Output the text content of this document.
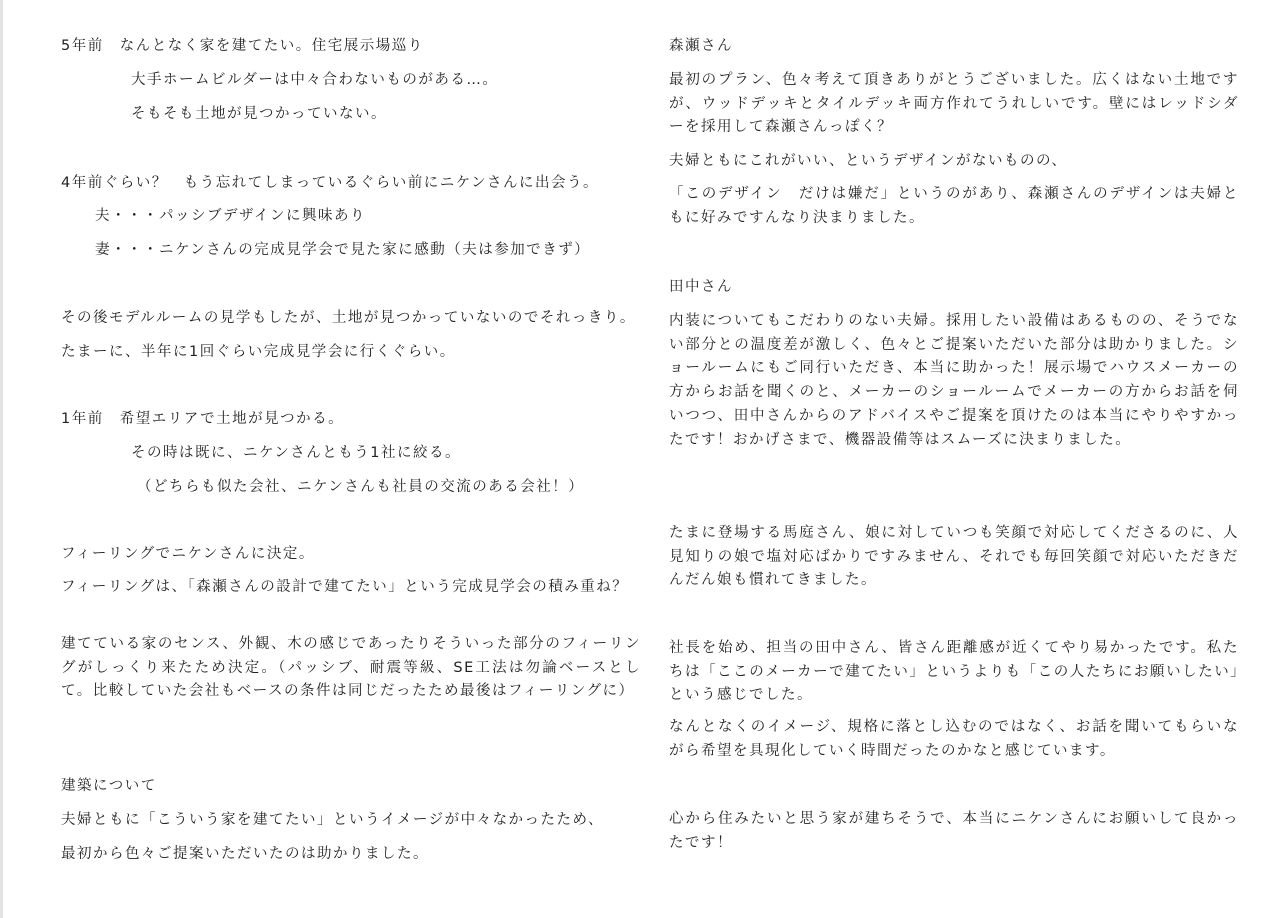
5年前　なんとなく家を建てたい。住宅展示場巡り
大手ホームビルダーは中々合わないものがある…。
そもそも土地が見つかっていない。
4年前ぐらい？　もう忘れてしまっているぐらい前にニケンさんに出会う。
夫・・・パッシブデザインに興味あり
妻・・・ニケンさんの完成見学会で見た家に感動（夫は参加できず）
その後モデルルームの見学もしたが、土地が見つかっていないのでそれっきり。
たまーに、半年に1回ぐらい完成見学会に行くぐらい。
1年前　希望エリアで土地が見つかる。
その時は既に、ニケンさんともう1社に絞る。
（どちらも似た会社、ニケンさんも社員の交流のある会社！）
フィーリングでニケンさんに決定。
フィーリングは、「森瀬さんの設計で建てたい」という完成見学会の積み重ね？
建てている家のセンス、外観、木の感じであったりそういった部分のフィーリングがしっくり来たため決定。（パッシブ、耐震等級、SE工法は勿論ベースとして。比較していた会社もベースの条件は同じだったため最後はフィーリングに）
建築について
夫婦ともに「こういう家を建てたい」というイメージが中々なかったため、
最初から色々ご提案いただいたのは助かりました。
森瀬さん
最初のプラン、色々考えて頂きありがとうございました。広くはない土地ですが、ウッドデッキとタイルデッキ両方作れてうれしいです。壁にはレッドシダーを採用して森瀬さんっぽく？
夫婦ともにこれがいい、というデザインがないものの、
「このデザイン　だけは嫌だ」というのがあり、森瀬さんのデザインは夫婦ともに好みですんなり決まりました。
田中さん
内装についてもこだわりのない夫婦。採用したい設備はあるものの、そうでない部分との温度差が激しく、色々とご提案いただいた部分は助かりました。ショールームにもご同行いただき、本当に助かった！展示場でハウスメーカーの方からお話を聞くのと、メーカーのショールームでメーカーの方からお話を伺いつつ、田中さんからのアドバイスやご提案を頂けたのは本当にやりやすかったです！おかげさまで、機器設備等はスムーズに決まりました。
たまに登場する馬庭さん、娘に対していつも笑顔で対応してくださるのに、人見知りの娘で塩対応ばかりですみません、それでも毎回笑顔で対応いただきだんだん娘も慣れてきました。
社長を始め、担当の田中さん、皆さん距離感が近くてやり易かったです。私たちは「ここのメーカーで建てたい」というよりも「この人たちにお願いしたい」という感じでした。
なんとなくのイメージ、規格に落とし込むのではなく、お話を聞いてもらいながら希望を具現化していく時間だったのかなと感じています。
心から住みたいと思う家が建ちそうで、本当にニケンさんにお願いして良かったです！
